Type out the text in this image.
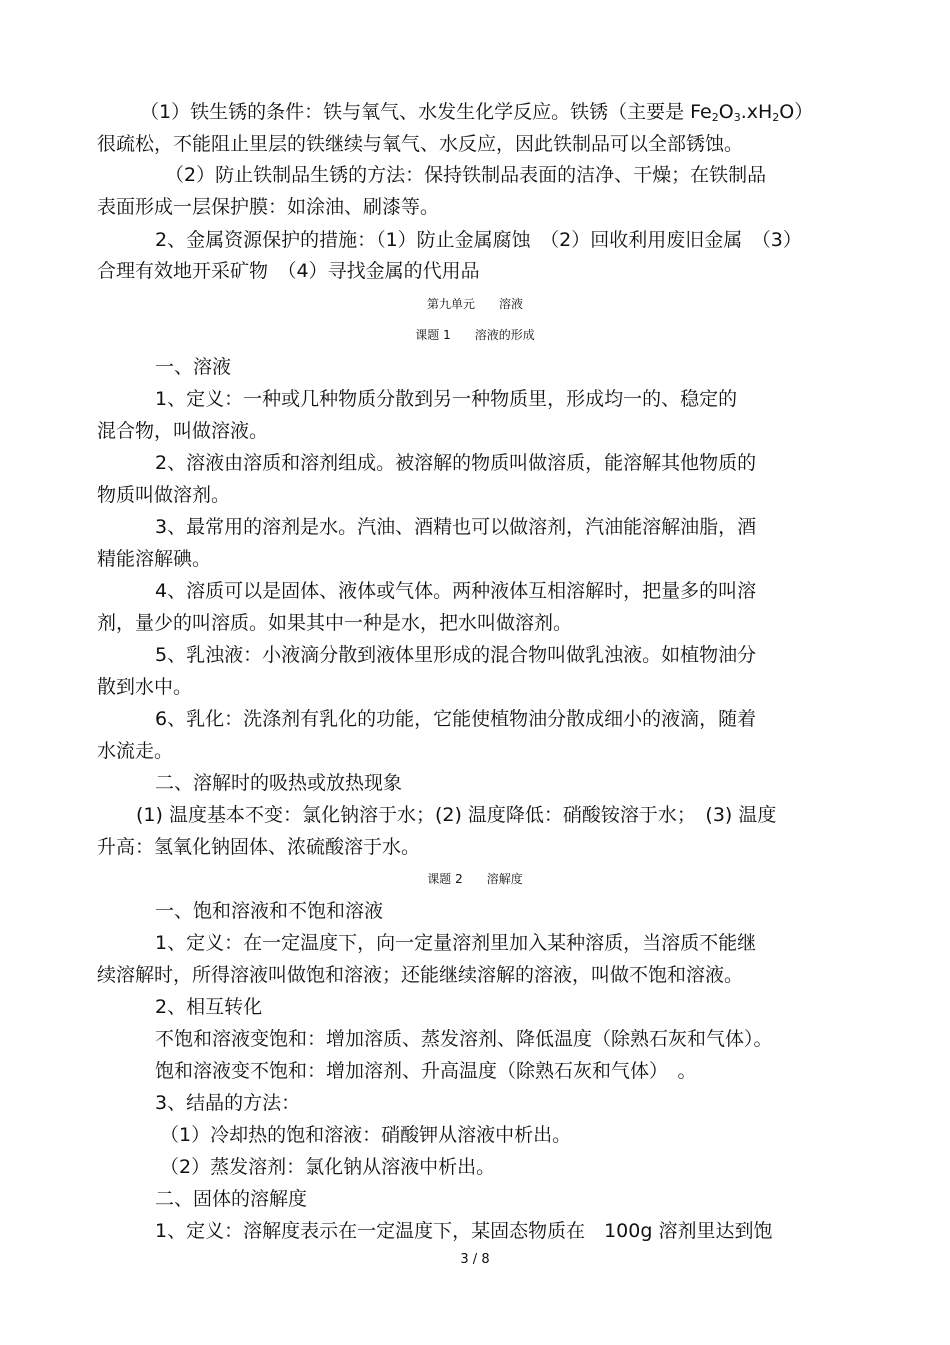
（1）铁生锈的条件：铁与氧气、水发生化学反应。铁锈（主要是 $Fe_2O_3.xH_2O$）

很疏松，不能阻止里层的铁继续与氧气、水反应，因此铁制品可以全部锈蚀。

（2）防止铁制品生锈的方法：保持铁制品表面的洁净、干燥；在铁制品

表面形成一层保护膜：如涂油、刷漆等。

2、金属资源保护的措施：（1）防止金属腐蚀　（2）回收利用废旧金属　（3）

合理有效地开采矿物　（4）寻找金属的代用品

第九单元　　溶液

课题 1　　溶液的形成

一、溶液

1、定义：一种或几种物质分散到另一种物质里，形成均一的、稳定的

混合物，叫做溶液。

2、溶液由溶质和溶剂组成。被溶解的物质叫做溶质，能溶解其他物质的

物质叫做溶剂。

3、最常用的溶剂是水。汽油、酒精也可以做溶剂，汽油能溶解油脂，酒

精能溶解碘。

4、溶质可以是固体、液体或气体。两种液体互相溶解时，把量多的叫溶

剂，量少的叫溶质。如果其中一种是水，把水叫做溶剂。

5、乳浊液：小液滴分散到液体里形成的混合物叫做乳浊液。如植物油分

散到水中。

6、乳化：洗涤剂有乳化的功能，它能使植物油分散成细小的液滴，随着

水流走。

二、溶解时的吸热或放热现象

(1) 温度基本不变：氯化钠溶于水；(2) 温度降低：硝酸铵溶于水；　(3) 温度

升高：氢氧化钠固体、浓硫酸溶于水。

课题 2　　溶解度

一、饱和溶液和不饱和溶液

1、定义：在一定温度下，向一定量溶剂里加入某种溶质，当溶质不能继

续溶解时，所得溶液叫做饱和溶液；还能继续溶解的溶液，叫做不饱和溶液。

2、相互转化

不饱和溶液变饱和：增加溶质、蒸发溶剂、降低温度（除熟石灰和气体）。

饱和溶液变不饱和：增加溶剂、升高温度（除熟石灰和气体）　。

3、结晶的方法：

（1）冷却热的饱和溶液：硝酸钾从溶液中析出。

（2）蒸发溶剂：氯化钠从溶液中析出。

二、固体的溶解度

1、定义：溶解度表示在一定温度下，某固态物质在　100g 溶剂里达到饱

3 / 8
